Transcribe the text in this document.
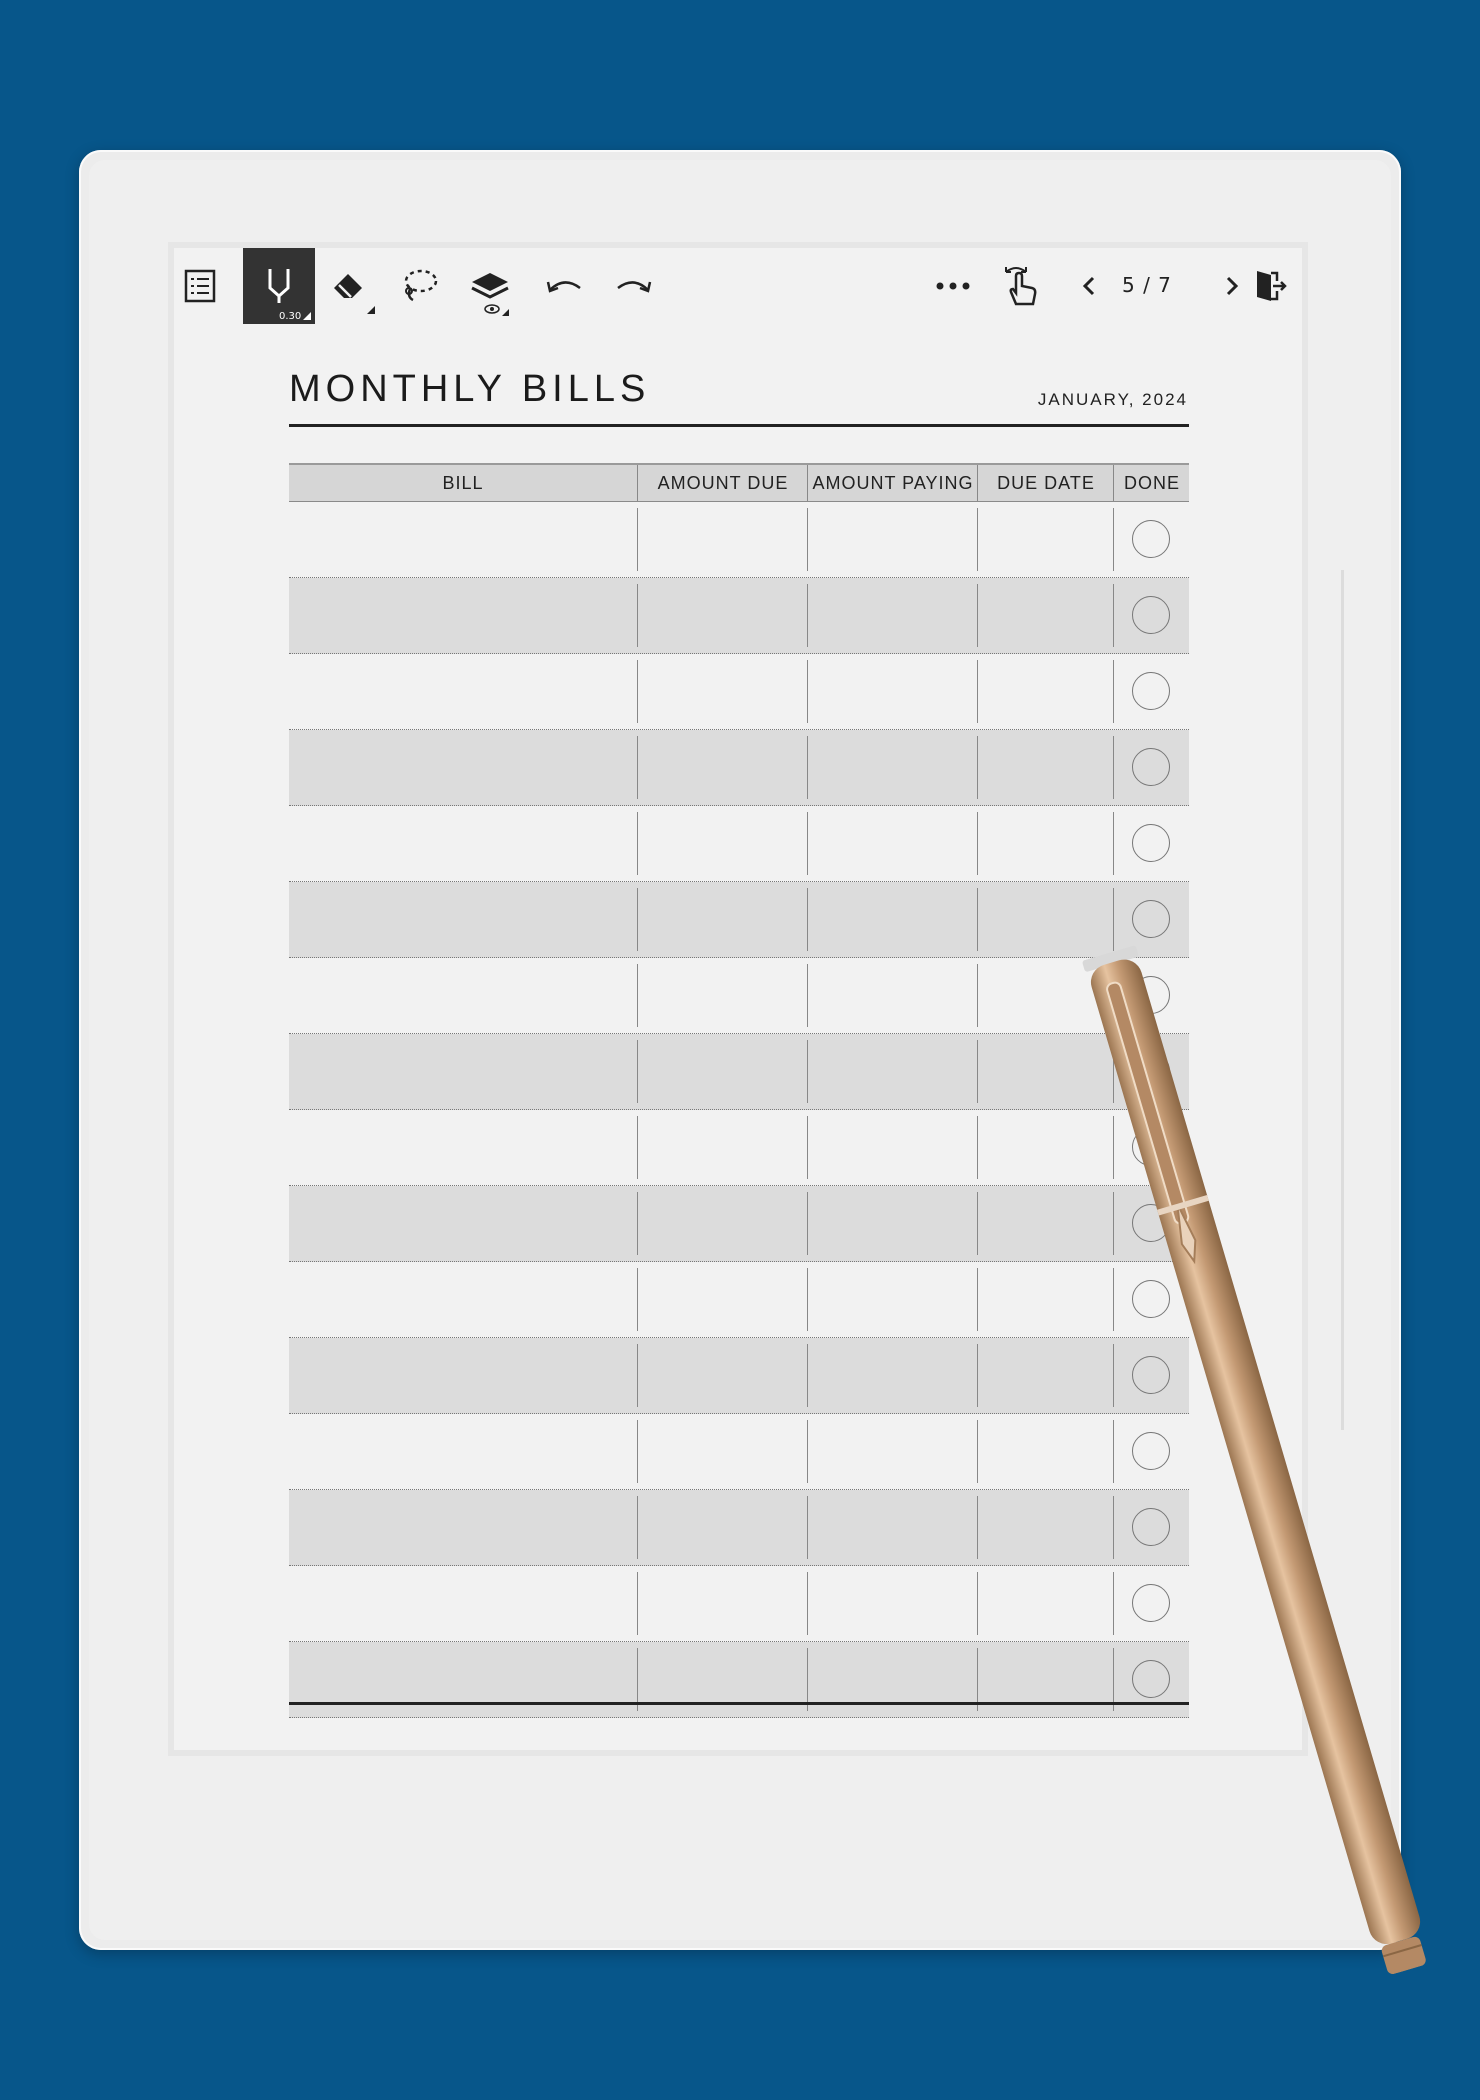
0.30
5 / 7
MONTHLY BILLS	JANUARY, 2024
BILL	AMOUNT DUE	AMOUNT PAYING	DUE DATE	DONE
